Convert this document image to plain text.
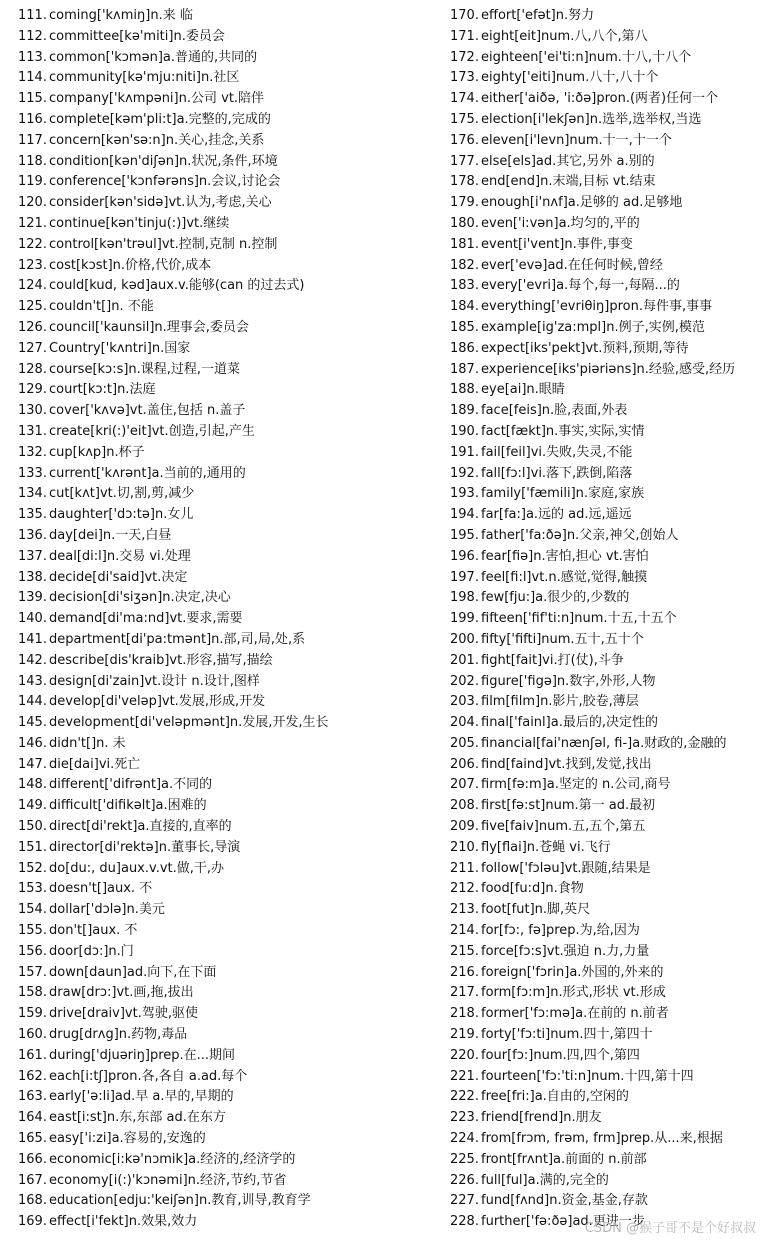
111. coming['kʌmiŋ]n.来 临
112. committee[kə'miti]n.委员会
113. common['kɔmən]a.普通的,共同的
114. community[kə'mju:niti]n.社区
115. company['kʌmpəni]n.公司 vt.陪伴
116. complete[kəm'pli:t]a.完整的,完成的
117. concern[kən'sə:n]n.关心,挂念,关系
118. condition[kən'diʃən]n.状况,条件,环境
119. conference['kɔnfərəns]n.会议,讨论会
120. consider[kən'sidə]vt.认为,考虑,关心
121. continue[kən'tinju(:)]vt.继续
122. control[kən'trəul]vt.控制,克制 n.控制
123. cost[kɔst]n.价格,代价,成本
124. could[kud, kəd]aux.v.能够(can 的过去式)
125. couldn't[]n. 不能
126. council['kaunsil]n.理事会,委员会
127. Country['kʌntri]n.国家
128. course[kɔ:s]n.课程,过程,一道菜
129. court[kɔ:t]n.法庭
130. cover['kʌvə]vt.盖住,包括 n.盖子
131. create[kri(:)'eit]vt.创造,引起,产生
132. cup[kʌp]n.杯子
133. current['kʌrənt]a.当前的,通用的
134. cut[kʌt]vt.切,割,剪,减少
135. daughter['dɔ:tə]n.女儿
136. day[dei]n.一天,白昼
137. deal[di:l]n.交易 vi.处理
138. decide[di'said]vt.决定
139. decision[di'siʒən]n.决定,决心
140. demand[di'ma:nd]vt.要求,需要
141. department[di'pa:tmənt]n.部,司,局,处,系
142. describe[dis'kraib]vt.形容,描写,描绘
143. design[di'zain]vt.设计 n.设计,图样
144. develop[di'veləp]vt.发展,形成,开发
145. development[di'veləpmənt]n.发展,开发,生长
146. didn't[]n. 未
147. die[dai]vi.死亡
148. different['difrənt]a.不同的
149. difficult['difikəlt]a.困难的
150. direct[di'rekt]a.直接的,直率的
151. director[di'rektə]n.董事长,导演
152. do[du:, du]aux.v.vt.做,干,办
153. doesn't[]aux. 不
154. dollar['dɔlə]n.美元
155. don't[]aux. 不
156. door[dɔ:]n.门
157. down[daun]ad.向下,在下面
158. draw[drɔ:]vt.画,拖,拔出
159. drive[draiv]vt.驾驶,驱使
160. drug[drʌg]n.药物,毒品
161. during['djuəriŋ]prep.在...期间
162. each[i:tʃ]pron.各,各自 a.ad.每个
163. early['ə:li]ad.早 a.早的,早期的
164. east[i:st]n.东,东部 ad.在东方
165. easy['i:zi]a.容易的,安逸的
166. economic[i:kə'nɔmik]a.经济的,经济学的
167. economy[i(:)'kɔnəmi]n.经济,节约,节省
168. education[edju:'keiʃən]n.教育,训导,教育学
169. effect[i'fekt]n.效果,效力
170. effort['efət]n.努力
171. eight[eit]num.八,八个,第八
172. eighteen['ei'ti:n]num.十八,十八个
173. eighty['eiti]num.八十,八十个
174. either['aiðə, 'i:ðə]pron.(两者)任何一个
175. election[i'lekʃən]n.选举,选举权,当选
176. eleven[i'levn]num.十一,十一个
177. else[els]ad.其它,另外 a.别的
178. end[end]n.末端,目标 vt.结束
179. enough[i'nʌf]a.足够的 ad.足够地
180. even['i:vən]a.均匀的,平的
181. event[i'vent]n.事件,事变
182. ever['evə]ad.在任何时候,曾经
183. every['evri]a.每个,每一,每隔...的
184. everything['evriθiŋ]pron.每件事,事事
185. example[ig'za:mpl]n.例子,实例,模范
186. expect[iks'pekt]vt.预料,预期,等待
187. experience[iks'piəriəns]n.经验,感受,经历
188. eye[ai]n.眼睛
189. face[feis]n.脸,表面,外表
190. fact[fækt]n.事实,实际,实情
191. fail[feil]vi.失败,失灵,不能
192. fall[fɔ:l]vi.落下,跌倒,陷落
193. family['fæmili]n.家庭,家族
194. far[fa:]a.远的 ad.远,遥远
195. father['fa:ðə]n.父亲,神父,创始人
196. fear[fiə]n.害怕,担心 vt.害怕
197. feel[fi:l]vt.n.感觉,觉得,触摸
198. few[fju:]a.很少的,少数的
199. fifteen['fif'ti:n]num.十五,十五个
200. fifty['fifti]num.五十,五十个
201. fight[fait]vi.打(仗),斗争
202. figure['figə]n.数字,外形,人物
203. film[film]n.影片,胶卷,薄层
204. final['fainl]a.最后的,决定性的
205. financial[fai'nænʃəl, fi-]a.财政的,金融的
206. find[faind]vt.找到,发觉,找出
207. firm[fə:m]a.坚定的 n.公司,商号
208. first[fə:st]num.第一 ad.最初
209. five[faiv]num.五,五个,第五
210. fly[flai]n.苍蝇 vi.飞行
211. follow['fɔləu]vt.跟随,结果是
212. food[fu:d]n.食物
213. foot[fut]n.脚,英尺
214. for[fɔ:, fə]prep.为,给,因为
215. force[fɔ:s]vt.强迫 n.力,力量
216. foreign['fɔrin]a.外国的,外来的
217. form[fɔ:m]n.形式,形状 vt.形成
218. former['fɔ:mə]a.在前的 n.前者
219. forty['fɔ:ti]num.四十,第四十
220. four[fɔ:]num.四,四个,第四
221. fourteen['fɔ:'ti:n]num.十四,第十四
222. free[fri:]a.自由的,空闲的
223. friend[frend]n.朋友
224. from[frɔm, frəm, frm]prep.从...来,根据
225. front[frʌnt]a.前面的 n.前部
226. full[ful]a.满的,完全的
227. fund[fʌnd]n.资金,基金,存款
228. further['fə:ðə]ad.更进一步
CSDN @猴子哥不是个好叔叔
